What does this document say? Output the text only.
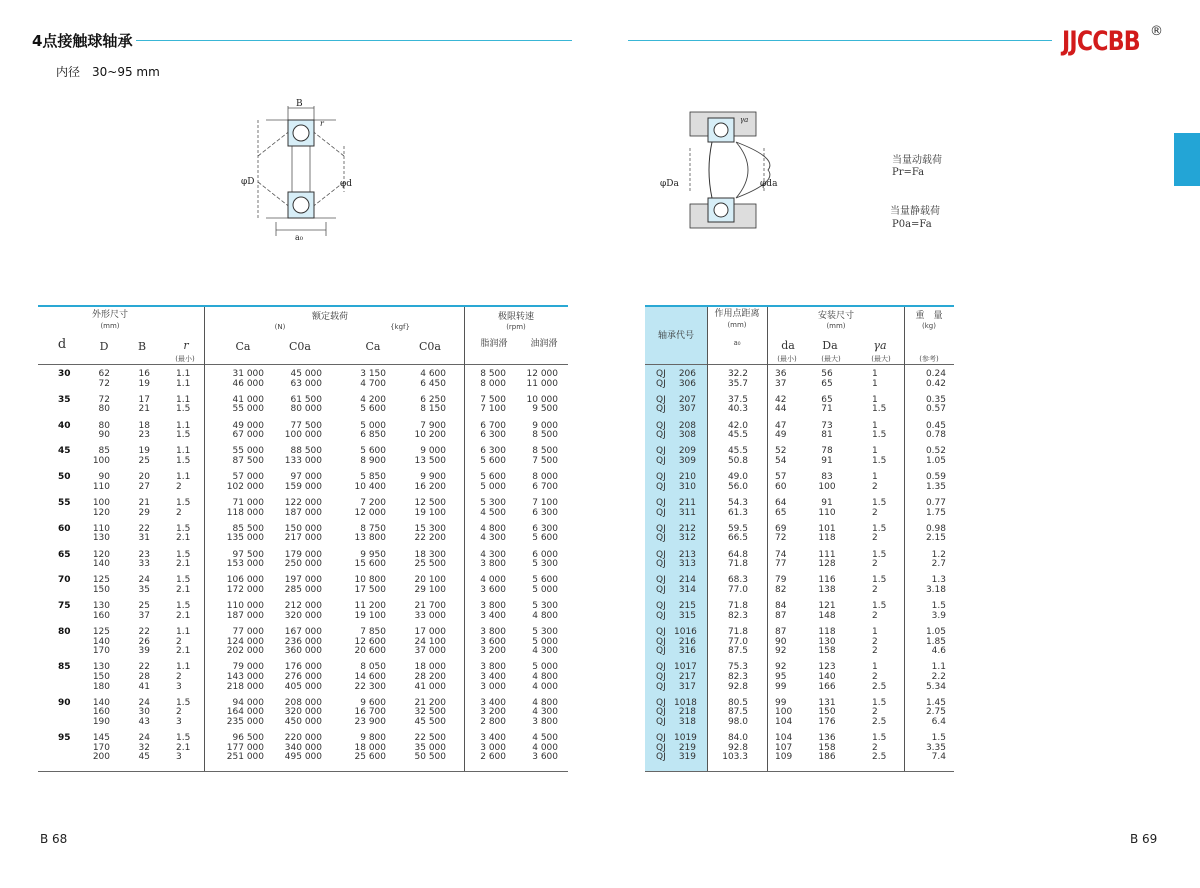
4点接触球轴承
内径　30~95 mm
JJCCBB ®
B 68	B 69
B
r
φD	φd
a₀
γa
φDa	φda
当量动载荷
Pr=Fa
当量静载荷
P0a=Fa
外形尺寸
(mm)
额定载荷
(N)	{kgf}
极限转速
(rpm)
d	D	B	r
(最小)
Ca	C0a	Ca	C0a	脂润滑	油润滑
30	62	16	1.1	31 000	45 000	3 150	4 600	8 500	12 000
72	19	1.1	46 000	63 000	4 700	6 450	8 000	11 000
35	72	17	1.1	41 000	61 500	4 200	6 250	7 500	10 000
80	21	1.5	55 000	80 000	5 600	8 150	7 100	9 500
40	80	18	1.1	49 000	77 500	5 000	7 900	6 700	9 000
90	23	1.5	67 000	100 000	6 850	10 200	6 300	8 500
45	85	19	1.1	55 000	88 500	5 600	9 000	6 300	8 500
100	25	1.5	87 500	133 000	8 900	13 500	5 600	7 500
50	90	20	1.1	57 000	97 000	5 850	9 900	5 600	8 000
110	27	2	102 000	159 000	10 400	16 200	5 000	6 700
55	100	21	1.5	71 000	122 000	7 200	12 500	5 300	7 100
120	29	2	118 000	187 000	12 000	19 100	4 500	6 300
60	110	22	1.5	85 500	150 000	8 750	15 300	4 800	6 300
130	31	2.1	135 000	217 000	13 800	22 200	4 300	5 600
65	120	23	1.5	97 500	179 000	9 950	18 300	4 300	6 000
140	33	2.1	153 000	250 000	15 600	25 500	3 800	5 300
70	125	24	1.5	106 000	197 000	10 800	20 100	4 000	5 600
150	35	2.1	172 000	285 000	17 500	29 100	3 600	5 000
75	130	25	1.5	110 000	212 000	11 200	21 700	3 800	5 300
160	37	2.1	187 000	320 000	19 100	33 000	3 400	4 800
80	125	22	1.1	77 000	167 000	7 850	17 000	3 800	5 300
140	26	2	124 000	236 000	12 600	24 100	3 600	5 000
170	39	2.1	202 000	360 000	20 600	37 000	3 200	4 300
85	130	22	1.1	79 000	176 000	8 050	18 000	3 800	5 000
150	28	2	143 000	276 000	14 600	28 200	3 400	4 800
180	41	3	218 000	405 000	22 300	41 000	3 000	4 000
90	140	24	1.5	94 000	208 000	9 600	21 200	3 400	4 800
160	30	2	164 000	320 000	16 700	32 500	3 200	4 300
190	43	3	235 000	450 000	23 900	45 500	2 800	3 800
95	145	24	1.5	96 500	220 000	9 800	22 500	3 400	4 500
170	32	2.1	177 000	340 000	18 000	35 000	3 000	4 000
200	45	3	251 000	495 000	25 600	50 500	2 600	3 600
轴承代号
作用点距离
(mm)
a₀
安装尺寸
(mm)
da	Da	γa
(最小)	(最大)	(最大)
重　量
(kg)
(参考)
QJ	206	32.2	36	56	1	0.24
QJ	306	35.7	37	65	1	0.42
QJ	207	37.5	42	65	1	0.35
QJ	307	40.3	44	71	1.5	0.57
QJ	208	42.0	47	73	1	0.45
QJ	308	45.5	49	81	1.5	0.78
QJ	209	45.5	52	78	1	0.52
QJ	309	50.8	54	91	1.5	1.05
QJ	210	49.0	57	83	1	0.59
QJ	310	56.0	60	100	2	1.35
QJ	211	54.3	64	91	1.5	0.77
QJ	311	61.3	65	110	2	1.75
QJ	212	59.5	69	101	1.5	0.98
QJ	312	66.5	72	118	2	2.15
QJ	213	64.8	74	111	1.5	1.2
QJ	313	71.8	77	128	2	2.7
QJ	214	68.3	79	116	1.5	1.3
QJ	314	77.0	82	138	2	3.18
QJ	215	71.8	84	121	1.5	1.5
QJ	315	82.3	87	148	2	3.9
QJ 1016	71.8	87	118	1	1.05
QJ	216	77.0	90	130	2	1.85
QJ	316	87.5	92	158	2	4.6
QJ 1017	75.3	92	123	1	1.1
QJ	217	82.3	95	140	2	2.2
QJ	317	92.8	99	166	2.5	5.34
QJ 1018	80.5	99	131	1.5	1.45
QJ	218	87.5	100	150	2	2.75
QJ	318	98.0	104	176	2.5	6.4
QJ 1019	84.0	104	136	1.5	1.5
QJ	219	92.8	107	158	2	3.35
QJ	319	103.3	109	186	2.5	7.4
